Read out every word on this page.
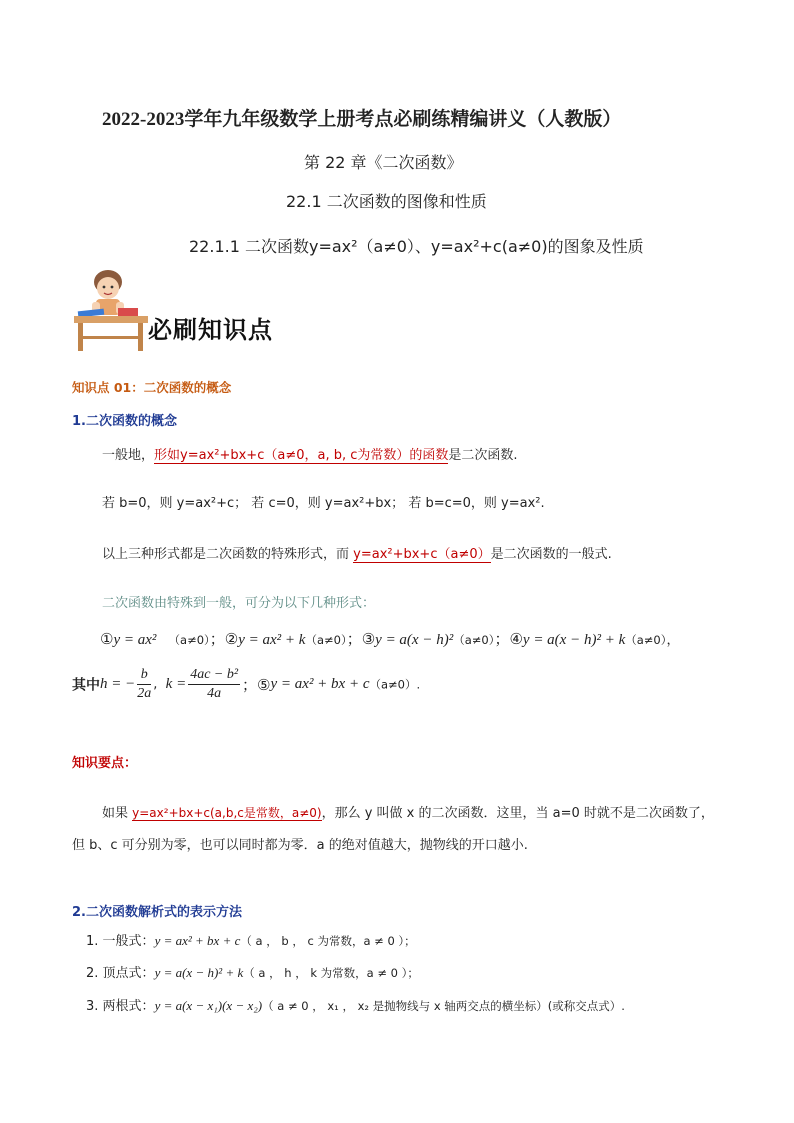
2022-2023学年九年级数学上册考点必刷练精编讲义（人教版）
第 22 章《二次函数》
22.1 二次函数的图像和性质
22.1.1 二次函数y=ax²（a≠0）、y=ax²+c(a≠0)的图象及性质
必刷知识点
知识点 01：二次函数的概念
1.二次函数的概念
一般地，形如y=ax²+bx+c（a≠0，a, b, c为常数）的函数是二次函数.
若 b=0，则 y=ax²+c； 若 c=0，则 y=ax²+bx； 若 b=c=0，则 y=ax².
以上三种形式都是二次函数的特殊形式，而 y=ax²+bx+c（a≠0）是二次函数的一般式.
二次函数由特殊到一般，可分为以下几种形式：
①y = ax² （a≠0）；②y = ax² + k（a≠0）；③y = a(x − h)²（a≠0）；④y = a(x − h)² + k（a≠0），
其中h = − $\frac{b}{2a}$ ,  $k = \frac{\text{4ac − b²}}{4a}$ ；⑤y = ax² + bx + c（a≠0）.
知识要点：
如果 y=ax²+bx+c(a,b,c是常数，a≠0)，那么 y 叫做 x 的二次函数．这里，当 a=0 时就不是二次函数了，
但 b、c 可分别为零，也可以同时都为零．a 的绝对值越大，抛物线的开口越小.
2.二次函数解析式的表示方法
1. 一般式：y = ax² + bx + c（ a ， b ， c 为常数，a ≠ 0 ）；
2. 顶点式：y = a(x − h)² + k（ a ， h ， k 为常数，a ≠ 0 ）；
3. 两根式：y = a(x − x₁)(x − x₂)（ a ≠ 0 ， x₁ ， x₂ 是抛物线与 x 轴两交点的横坐标）(或称交点式）.
